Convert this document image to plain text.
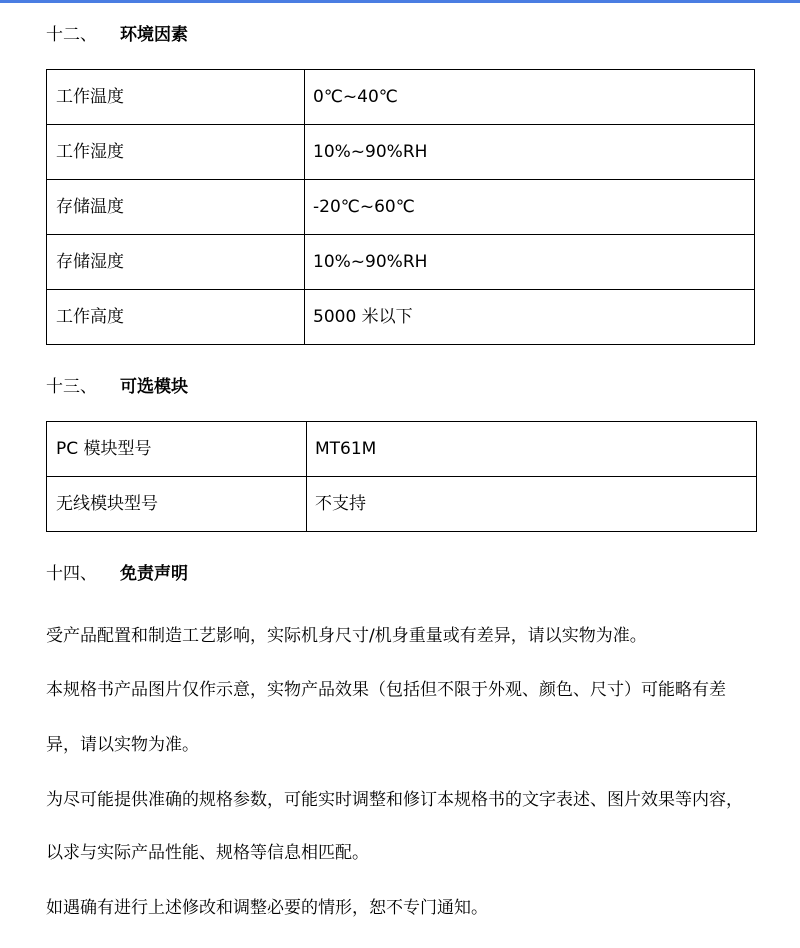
十二、 环境因素
工作温度	0℃~40℃
工作湿度	10%~90%RH
存储温度	-20℃~60℃
存储湿度	10%~90%RH
工作高度	5000 米以下
十三、 可选模块
PC 模块型号	MT61M
无线模块型号	不支持
十四、 免责声明

受产品配置和制造工艺影响，实际机身尺寸/机身重量或有差异，请以实物为准。

本规格书产品图片仅作示意，实物产品效果（包括但不限于外观、颜色、尺寸）可能略有差

异，请以实物为准。

为尽可能提供准确的规格参数，可能实时调整和修订本规格书的文字表述、图片效果等内容，

以求与实际产品性能、规格等信息相匹配。

如遇确有进行上述修改和调整必要的情形，恕不专门通知。
